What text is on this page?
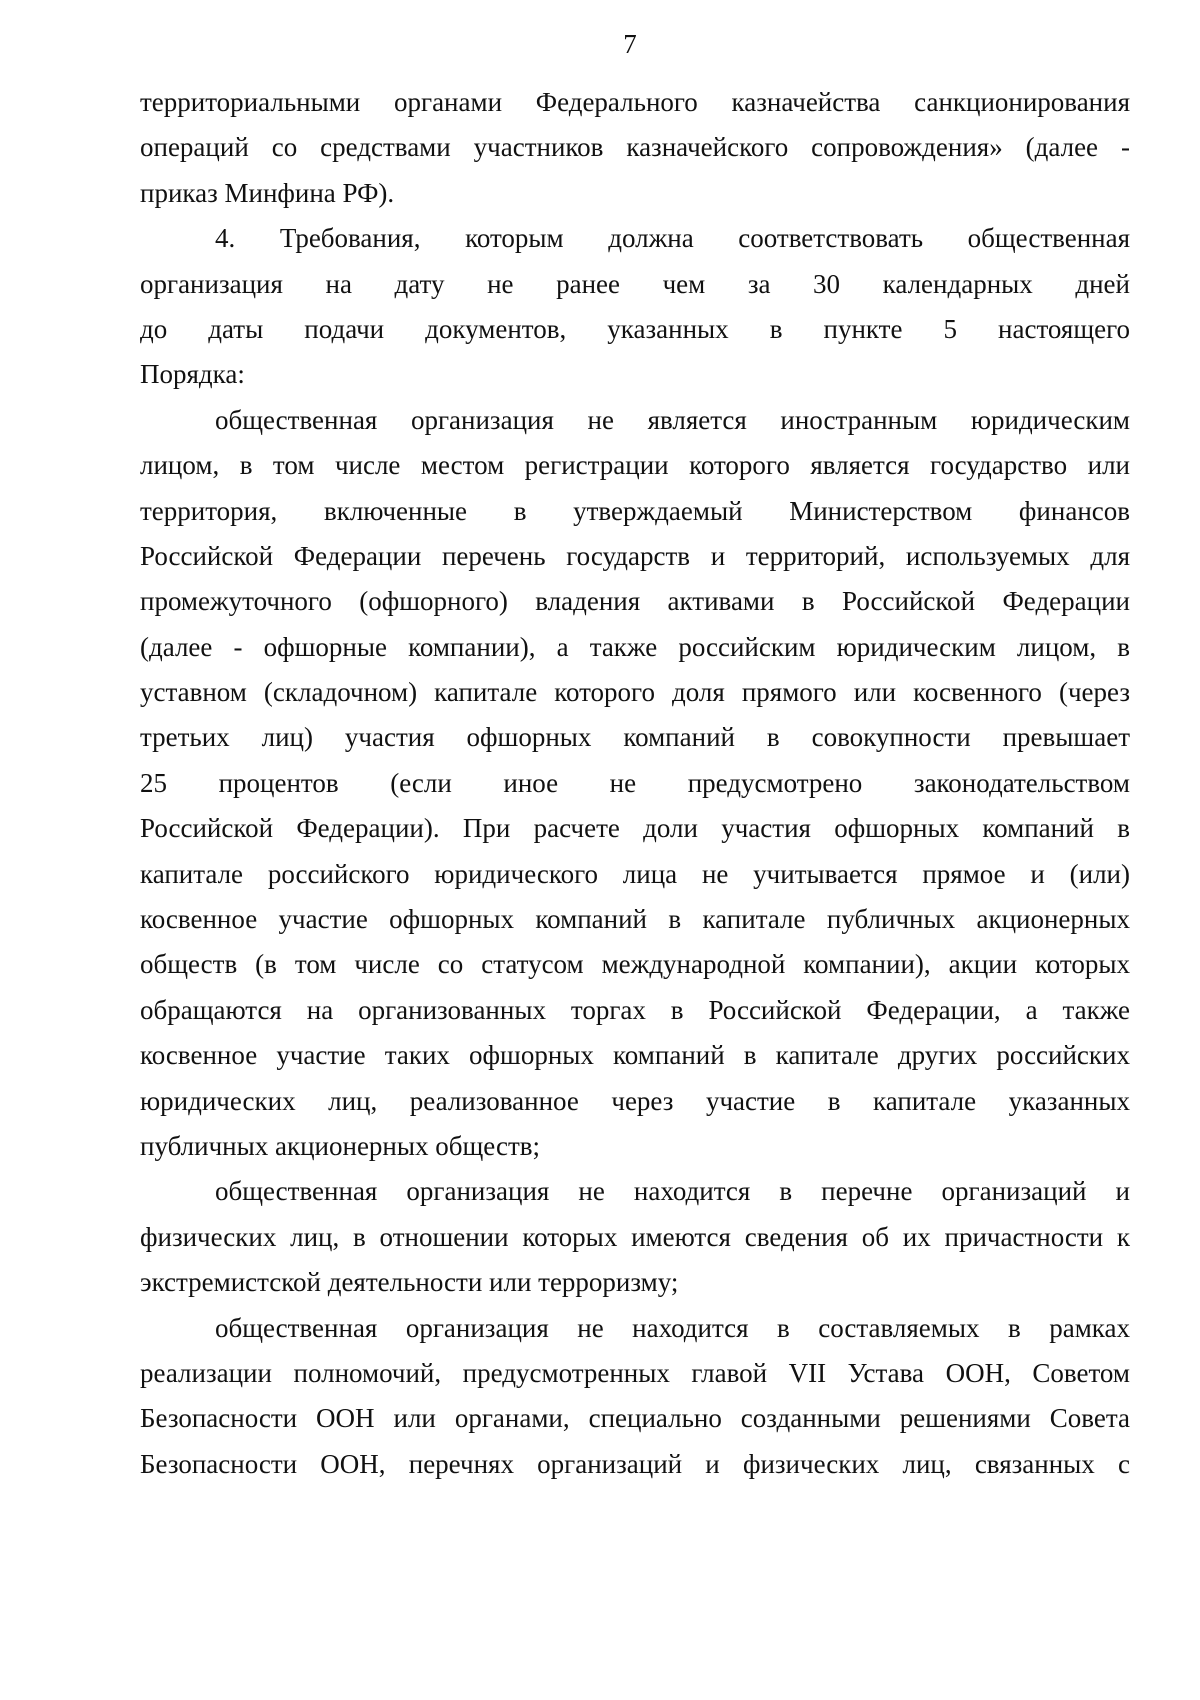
7
территориальными органами Федерального казначейства санкционирования
операций со средствами участников казначейского сопровождения» (далее -
приказ Минфина РФ).
4. Требования, которым должна соответствовать общественная
организация на дату не ранее чем за 30 календарных дней
до даты подачи документов, указанных в пункте 5 настоящего
Порядка:
общественная организация не является иностранным юридическим
лицом, в том числе местом регистрации которого является государство или
территория, включенные в утверждаемый Министерством финансов
Российской Федерации перечень государств и территорий, используемых для
промежуточного (офшорного) владения активами в Российской Федерации
(далее - офшорные компании), а также российским юридическим лицом, в
уставном (складочном) капитале которого доля прямого или косвенного (через
третьих лиц) участия офшорных компаний в совокупности превышает
25 процентов (если иное не предусмотрено законодательством
Российской Федерации). При расчете доли участия офшорных компаний в
капитале российского юридического лица не учитывается прямое и (или)
косвенное участие офшорных компаний в капитале публичных акционерных
обществ (в том числе со статусом международной компании), акции которых
обращаются на организованных торгах в Российской Федерации, а также
косвенное участие таких офшорных компаний в капитале других российских
юридических лиц, реализованное через участие в капитале указанных
публичных акционерных обществ;
общественная организация не находится в перечне организаций и
физических лиц, в отношении которых имеются сведения об их причастности к
экстремистской деятельности или терроризму;
общественная организация не находится в составляемых в рамках
реализации полномочий, предусмотренных главой VII Устава ООН, Советом
Безопасности ООН или органами, специально созданными решениями Совета
Безопасности ООН, перечнях организаций и физических лиц, связанных с
